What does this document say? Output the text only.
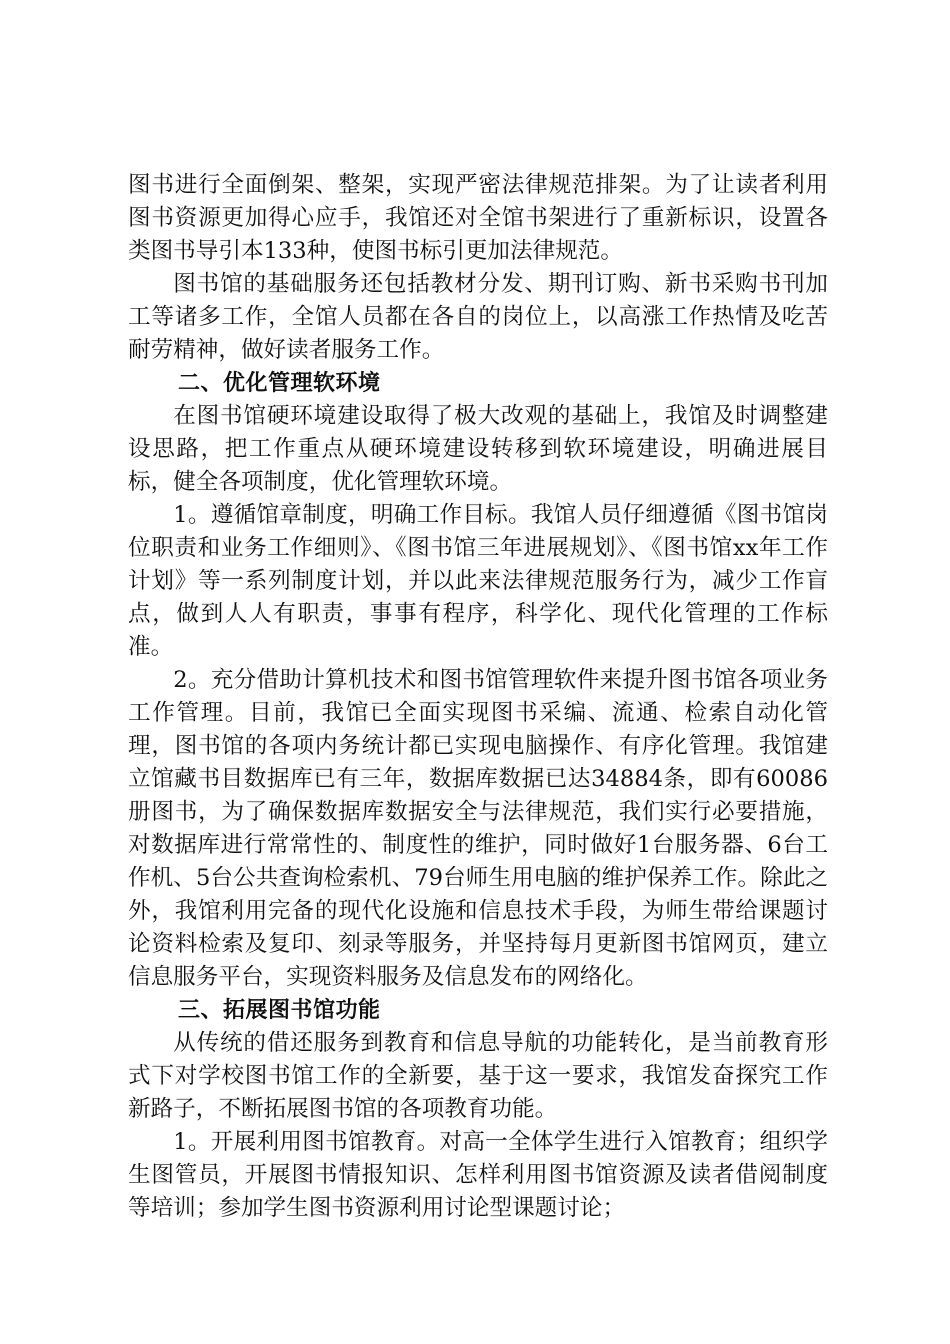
图书进行全面倒架、整架，实现严密法律规范排架。为了让读者利用图书资源更加得心应手，我馆还对全馆书架进行了重新标识，设置各类图书导引本133种，使图书标引更加法律规范。

图书馆的基础服务还包括教材分发、期刊订购、新书采购书刊加工等诸多工作，全馆人员都在各自的岗位上，以高涨工作热情及吃苦耐劳精神，做好读者服务工作。

二、优化管理软环境

在图书馆硬环境建设取得了极大改观的基础上，我馆及时调整建设思路，把工作重点从硬环境建设转移到软环境建设，明确进展目标，健全各项制度，优化管理软环境。

1。遵循馆章制度，明确工作目标。我馆人员仔细遵循《图书馆岗位职责和业务工作细则》、《图书馆三年进展规划》、《图书馆xx年工作计划》等一系列制度计划，并以此来法律规范服务行为，减少工作盲点，做到人人有职责，事事有程序，科学化、现代化管理的工作标准。

2。充分借助计算机技术和图书馆管理软件来提升图书馆各项业务工作管理。目前，我馆已全面实现图书采编、流通、检索自动化管理，图书馆的各项内务统计都已实现电脑操作、有序化管理。我馆建立馆藏书目数据库已有三年，数据库数据已达34884条，即有60086册图书，为了确保数据库数据安全与法律规范，我们实行必要措施，对数据库进行常常性的、制度性的维护，同时做好1台服务器、6台工作机、5台公共查询检索机、79台师生用电脑的维护保养工作。除此之外，我馆利用完备的现代化设施和信息技术手段，为师生带给课题讨论资料检索及复印、刻录等服务，并坚持每月更新图书馆网页，建立信息服务平台，实现资料服务及信息发布的网络化。

三、拓展图书馆功能

从传统的借还服务到教育和信息导航的功能转化，是当前教育形式下对学校图书馆工作的全新要，基于这一要求，我馆发奋探究工作新路子，不断拓展图书馆的各项教育功能。

1。开展利用图书馆教育。对高一全体学生进行入馆教育；组织学生图管员，开展图书情报知识、怎样利用图书馆资源及读者借阅制度等培训；参加学生图书资源利用讨论型课题讨论；
